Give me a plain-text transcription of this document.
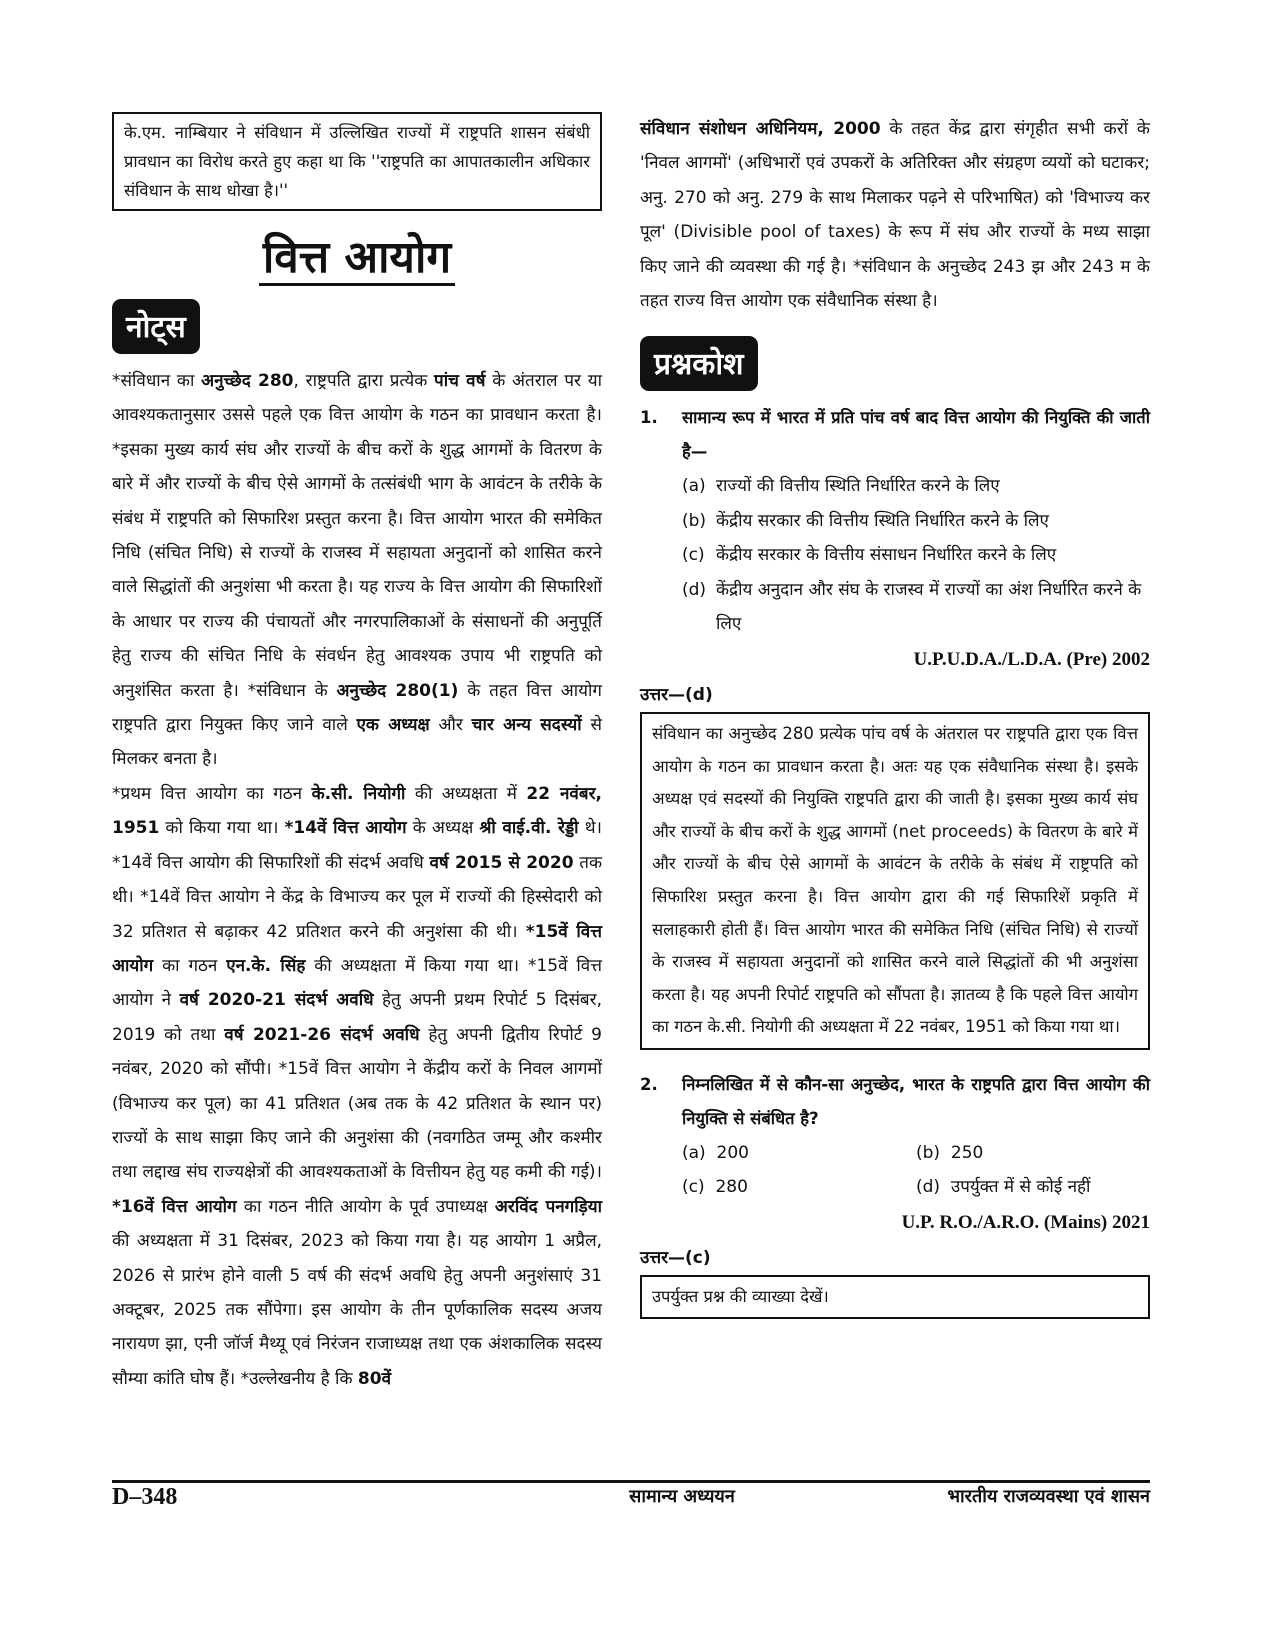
के.एम. नाम्बियार ने संविधान में उल्लिखित राज्यों में राष्ट्रपति शासन संबंधी प्रावधान का विरोध करते हुए कहा था कि ''राष्ट्रपति का आपातकालीन अधिकार संविधान के साथ धोखा है।''
वित्त आयोग
नोट्स

*संविधान का अनुच्छेद 280, राष्ट्रपति द्वारा प्रत्येक पांच वर्ष के अंतराल पर या आवश्यकतानुसार उससे पहले एक वित्त आयोग के गठन का प्रावधान करता है। *इसका मुख्य कार्य संघ और राज्यों के बीच करों के शुद्ध आगमों के वितरण के बारे में और राज्यों के बीच ऐसे आगमों के तत्संबंधी भाग के आवंटन के तरीके के संबंध में राष्ट्रपति को सिफारिश प्रस्तुत करना है। वित्त आयोग भारत की समेकित निधि (संचित निधि) से राज्यों के राजस्व में सहायता अनुदानों को शासित करने वाले सिद्धांतों की अनुशंसा भी करता है। यह राज्य के वित्त आयोग की सिफारिशों के आधार पर राज्य की पंचायतों और नगरपालिकाओं के संसाधनों की अनुपूर्ति हेतु राज्य की संचित निधि के संवर्धन हेतु आवश्यक उपाय भी राष्ट्रपति को अनुशंसित करता है। *संविधान के अनुच्छेद 280(1) के तहत वित्त आयोग राष्ट्रपति द्वारा नियुक्त किए जाने वाले एक अध्यक्ष और चार अन्य सदस्यों से मिलकर बनता है।

*प्रथम वित्त आयोग का गठन के.सी. नियोगी की अध्यक्षता में 22 नवंबर, 1951 को किया गया था। *14वें वित्त आयोग के अध्यक्ष श्री वाई.वी. रेड्डी थे। *14वें वित्त आयोग की सिफारिशों की संदर्भ अवधि वर्ष 2015 से 2020 तक थी। *14वें वित्त आयोग ने केंद्र के विभाज्य कर पूल में राज्यों की हिस्सेदारी को 32 प्रतिशत से बढ़ाकर 42 प्रतिशत करने की अनुशंसा की थी। *15वें वित्त आयोग का गठन एन.के. सिंह की अध्यक्षता में किया गया था। *15वें वित्त आयोग ने वर्ष 2020-21 संदर्भ अवधि हेतु अपनी प्रथम रिपोर्ट 5 दिसंबर, 2019 को तथा वर्ष 2021-26 संदर्भ अवधि हेतु अपनी द्वितीय रिपोर्ट 9 नवंबर, 2020 को सौंपी। *15वें वित्त आयोग ने केंद्रीय करों के निवल आगमों (विभाज्य कर पूल) का 41 प्रतिशत (अब तक के 42 प्रतिशत के स्थान पर) राज्यों के साथ साझा किए जाने की अनुशंसा की (नवगठित जम्मू और कश्मीर तथा लद्दाख संघ राज्यक्षेत्रों की आवश्यकताओं के वित्तीयन हेतु यह कमी की गई)। *16वें वित्त आयोग का गठन नीति आयोग के पूर्व उपाध्यक्ष अरविंद पनगड़िया की अध्यक्षता में 31 दिसंबर, 2023 को किया गया है। यह आयोग 1 अप्रैल, 2026 से प्रारंभ होने वाली 5 वर्ष की संदर्भ अवधि हेतु अपनी अनुशंसाएं 31 अक्टूबर, 2025 तक सौंपेगा। इस आयोग के तीन पूर्णकालिक सदस्य अजय नारायण झा, एनी जॉर्ज मैथ्यू एवं निरंजन राजाध्यक्ष तथा एक अंशकालिक सदस्य सौम्या कांति घोष हैं। *उल्लेखनीय है कि 80वें

संविधान संशोधन अधिनियम, 2000 के तहत केंद्र द्वारा संगृहीत सभी करों के 'निवल आगमों' (अधिभारों एवं उपकरों के अतिरिक्त और संग्रहण व्ययों को घटाकर; अनु. 270 को अनु. 279 के साथ मिलाकर पढ़ने से परिभाषित) को 'विभाज्य कर पूल' (Divisible pool of taxes) के रूप में संघ और राज्यों के मध्य साझा किए जाने की व्यवस्था की गई है। *संविधान के अनुच्छेद 243 झ और 243 म के तहत राज्य वित्त आयोग एक संवैधानिक संस्था है।

प्रश्नकोश
1.	सामान्य रूप में भारत में प्रति पांच वर्ष बाद वित्त आयोग की नियुक्ति की जाती है—
(a) राज्यों की वित्तीय स्थिति निर्धारित करने के लिए
(b) केंद्रीय सरकार की वित्तीय स्थिति निर्धारित करने के लिए
(c) केंद्रीय सरकार के वित्तीय संसाधन निर्धारित करने के लिए
(d) केंद्रीय अनुदान और संघ के राजस्व में राज्यों का अंश निर्धारित करने के लिए
U.P.U.D.A./L.D.A. (Pre) 2002
उत्तर—(d)
संविधान का अनुच्छेद 280 प्रत्येक पांच वर्ष के अंतराल पर राष्ट्रपति द्वारा एक वित्त आयोग के गठन का प्रावधान करता है। अतः यह एक संवैधानिक संस्था है। इसके अध्यक्ष एवं सदस्यों की नियुक्ति राष्ट्रपति द्वारा की जाती है। इसका मुख्य कार्य संघ और राज्यों के बीच करों के शुद्ध आगमों (net proceeds) के वितरण के बारे में और राज्यों के बीच ऐसे आगमों के आवंटन के तरीके के संबंध में राष्ट्रपति को सिफारिश प्रस्तुत करना है। वित्त आयोग द्वारा की गई सिफारिशें प्रकृति में सलाहकारी होती हैं। वित्त आयोग भारत की समेकित निधि (संचित निधि) से राज्यों के राजस्व में सहायता अनुदानों को शासित करने वाले सिद्धांतों की भी अनुशंसा करता है। यह अपनी रिपोर्ट राष्ट्रपति को सौंपता है। ज्ञातव्य है कि पहले वित्त आयोग का गठन के.सी. नियोगी की अध्यक्षता में 22 नवंबर, 1951 को किया गया था।
2.	निम्नलिखित में से कौन-सा अनुच्छेद, भारत के राष्ट्रपति द्वारा वित्त आयोग की नियुक्ति से संबंधित है?
(a) 200	(b) 250
(c) 280	(d) उपर्युक्त में से कोई नहीं
U.P. R.O./A.R.O. (Mains) 2021
उत्तर—(c)
उपर्युक्त प्रश्न की व्याख्या देखें।
D–348	सामान्य अध्ययन	भारतीय राजव्यवस्था एवं शासन
